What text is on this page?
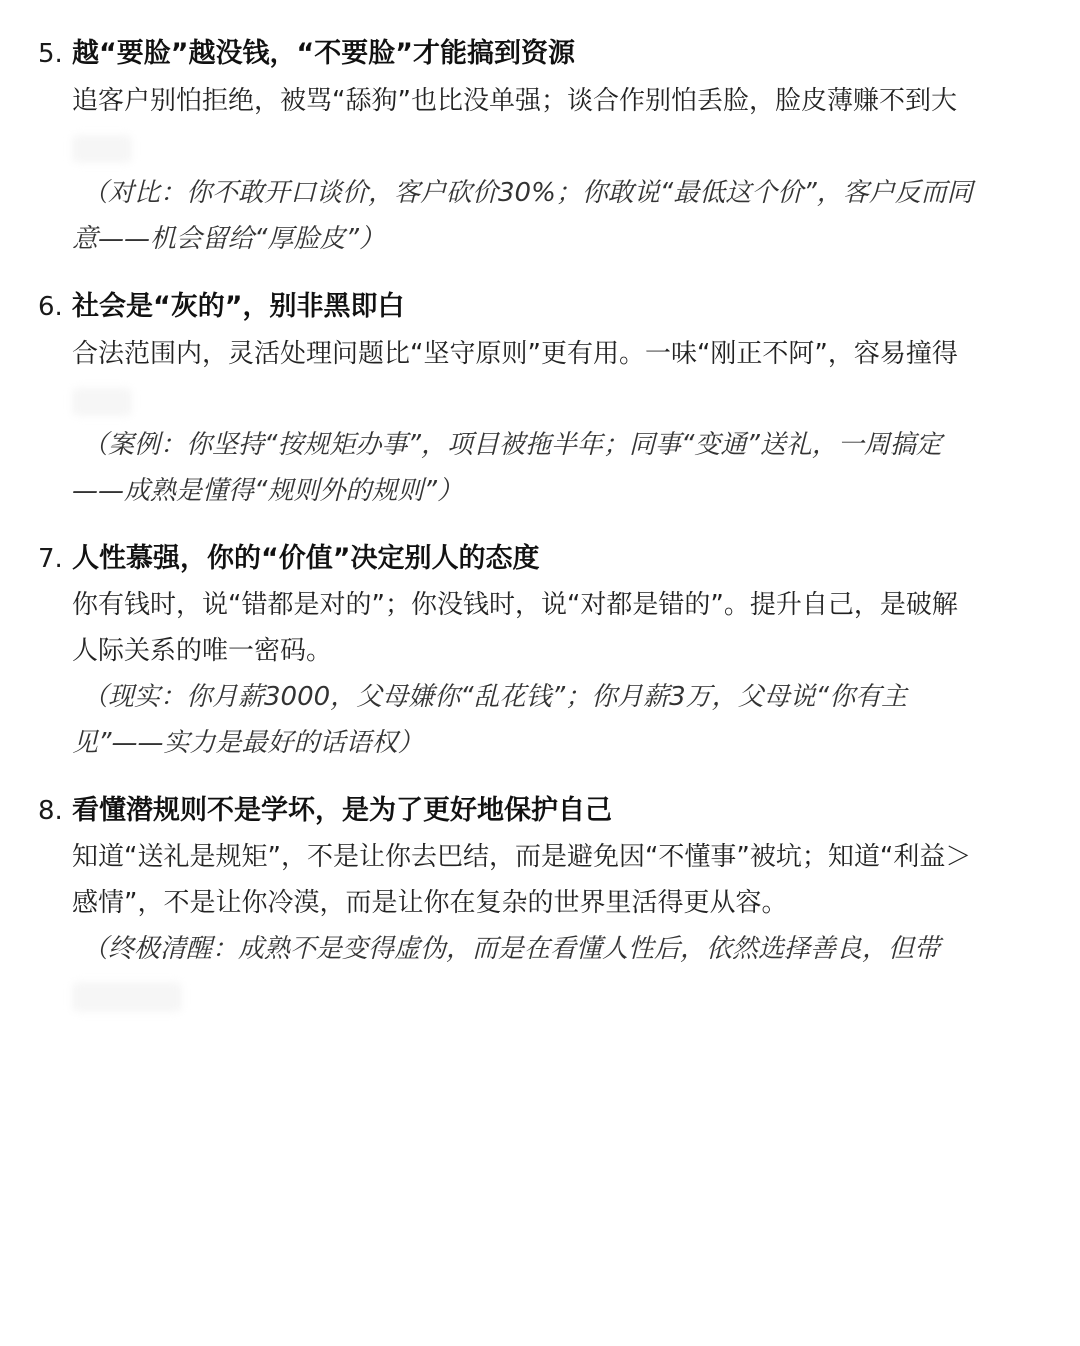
5. 越“要脸”越没钱，“不要脸”才能搞到资源
追客户别怕拒绝，被骂“舔狗”也比没单强；谈合作别怕丢脸，脸皮薄赚不到大
（对比：你不敢开口谈价，客户砍价30%；你敢说“最低这个价”，客户反而同
意——机会留给“厚脸皮”）
6. 社会是“灰的”，别非黑即白
合法范围内，灵活处理问题比“坚守原则”更有用。一味“刚正不阿”，容易撞得
（案例：你坚持“按规矩办事”，项目被拖半年；同事“变通”送礼，一周搞定
——成熟是懂得“规则外的规则”）
7. 人性慕强，你的“价值”决定别人的态度
你有钱时，说“错都是对的”；你没钱时，说“对都是错的”。提升自己，是破解
人际关系的唯一密码。
（现实：你月薪3000，父母嫌你“乱花钱”；你月薪3万，父母说“你有主
见”——实力是最好的话语权）
8. 看懂潜规则不是学坏，是为了更好地保护自己
知道“送礼是规矩”，不是让你去巴结，而是避免因“不懂事”被坑；知道“利益＞
感情”，不是让你冷漠，而是让你在复杂的世界里活得更从容。
（终极清醒：成熟不是变得虚伪，而是在看懂人性后，依然选择善良，但带
